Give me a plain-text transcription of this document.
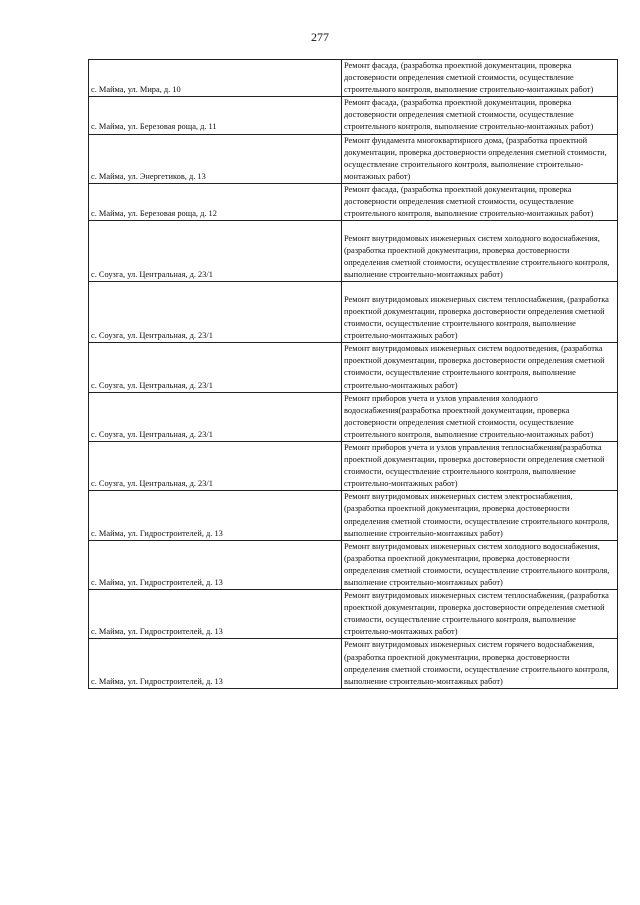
277
с. Майма, ул. Мира, д. 10	Ремонт фасада, (разработка проектной документации, проверка достоверности определения сметной стоимости, осуществление строительного контроля, выполнение строительно-монтажных работ)
с. Майма, ул. Березовая роща, д. 11	Ремонт фасада, (разработка проектной документации, проверка достоверности определения сметной стоимости, осуществление строительного контроля, выполнение строительно-монтажных работ)
с. Майма, ул. Энергетиков, д. 13	Ремонт фундамента многоквартирного дома, (разработка проектной документации, проверка достоверности определения сметной стоимости, осуществление строительного контроля, выполнение строительно-монтажных работ)
с. Майма, ул. Березовая роща, д. 12	Ремонт фасада, (разработка проектной документации, проверка достоверности определения сметной стоимости, осуществление строительного контроля, выполнение строительно-монтажных работ)
с. Соузга, ул. Центральная, д. 23/1	Ремонт внутридомовых инженерных систем холодного водоснабжения, (разработка проектной документации, проверка достоверности определения сметной стоимости, осуществление строительного контроля, выполнение строительно-монтажных работ)
с. Соузга, ул. Центральная, д. 23/1	Ремонт внутридомовых инженерных систем теплоснабжения, (разработка проектной документации, проверка достоверности определения сметной стоимости, осуществление строительного контроля, выполнение строительно-монтажных работ)
с. Соузга, ул. Центральная, д. 23/1	Ремонт внутридомовых инженерных систем водоотведения, (разработка проектной документации, проверка достоверности определения сметной стоимости, осуществление строительного контроля, выполнение строительно-монтажных работ)
с. Соузга, ул. Центральная, д. 23/1	Ремонт приборов учета и узлов управления холодного водоснабжения(разработка проектной документации, проверка достоверности определения сметной стоимости, осуществление строительного контроля, выполнение строительно-монтажных работ)
с. Соузга, ул. Центральная, д. 23/1	Ремонт приборов учета и узлов управления теплоснабжения(разработка проектной документации, проверка достоверности определения сметной стоимости, осуществление строительного контроля, выполнение строительно-монтажных работ)
с. Майма, ул. Гидростроителей, д. 13	Ремонт внутридомовых инженерных систем электроснабжения, (разработка проектной документации, проверка достоверности определения сметной стоимости, осуществление строительного контроля, выполнение строительно-монтажных работ)
с. Майма, ул. Гидростроителей, д. 13	Ремонт внутридомовых инженерных систем холодного водоснабжения, (разработка проектной документации, проверка достоверности определения сметной стоимости, осуществление строительного контроля, выполнение строительно-монтажных работ)
с. Майма, ул. Гидростроителей, д. 13	Ремонт внутридомовых инженерных систем теплоснабжения, (разработка проектной документации, проверка достоверности определения сметной стоимости, осуществление строительного контроля, выполнение строительно-монтажных работ)
с. Майма, ул. Гидростроителей, д. 13	Ремонт внутридомовых инженерных систем горячего водоснабжения, (разработка проектной документации, проверка достоверности определения сметной стоимости, осуществление строительного контроля, выполнение строительно-монтажных работ)
